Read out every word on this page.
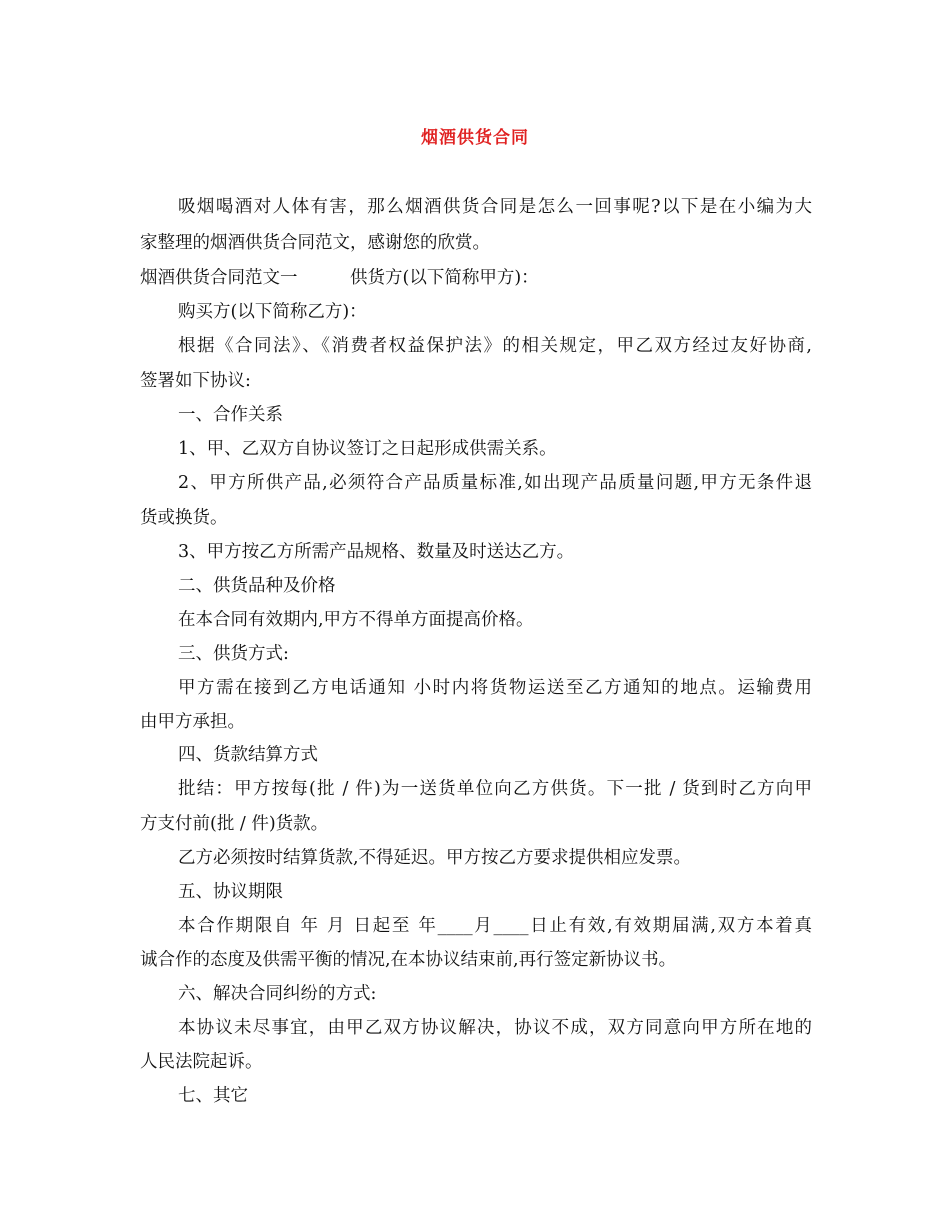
烟酒供货合同
吸烟喝酒对人体有害，那么烟酒供货合同是怎么一回事呢?以下是在小编为大
家整理的烟酒供货合同范文，感谢您的欣赏。
烟酒供货合同范文一　　　供货方(以下简称甲方)：
购买方(以下简称乙方)：
根据《合同法》、《消费者权益保护法》的相关规定，甲乙双方经过友好协商,
签署如下协议:
一、合作关系
1、甲、乙双方自协议签订之日起形成供需关系。
2、甲方所供产品,必须符合产品质量标准,如出现产品质量问题,甲方无条件退
货或换货。
3、甲方按乙方所需产品规格、数量及时送达乙方。
二、供货品种及价格
在本合同有效期内,甲方不得单方面提高价格。
三、供货方式:
甲方需在接到乙方电话通知 小时内将货物运送至乙方通知的地点。运输费用
由甲方承担。
四、货款结算方式
批结：甲方按每(批 / 件)为一送货单位向乙方供货。下一批 / 货到时乙方向甲
方支付前(批 / 件)货款。
乙方必须按时结算货款,不得延迟。甲方按乙方要求提供相应发票。
五、协议期限
本合作期限自 年 月 日起至 年____月____日止有效,有效期届满,双方本着真
诚合作的态度及供需平衡的情况,在本协议结束前,再行签定新协议书。
六、解决合同纠纷的方式:
本协议未尽事宜，由甲乙双方协议解决，协议不成，双方同意向甲方所在地的
人民法院起诉。
七、其它
